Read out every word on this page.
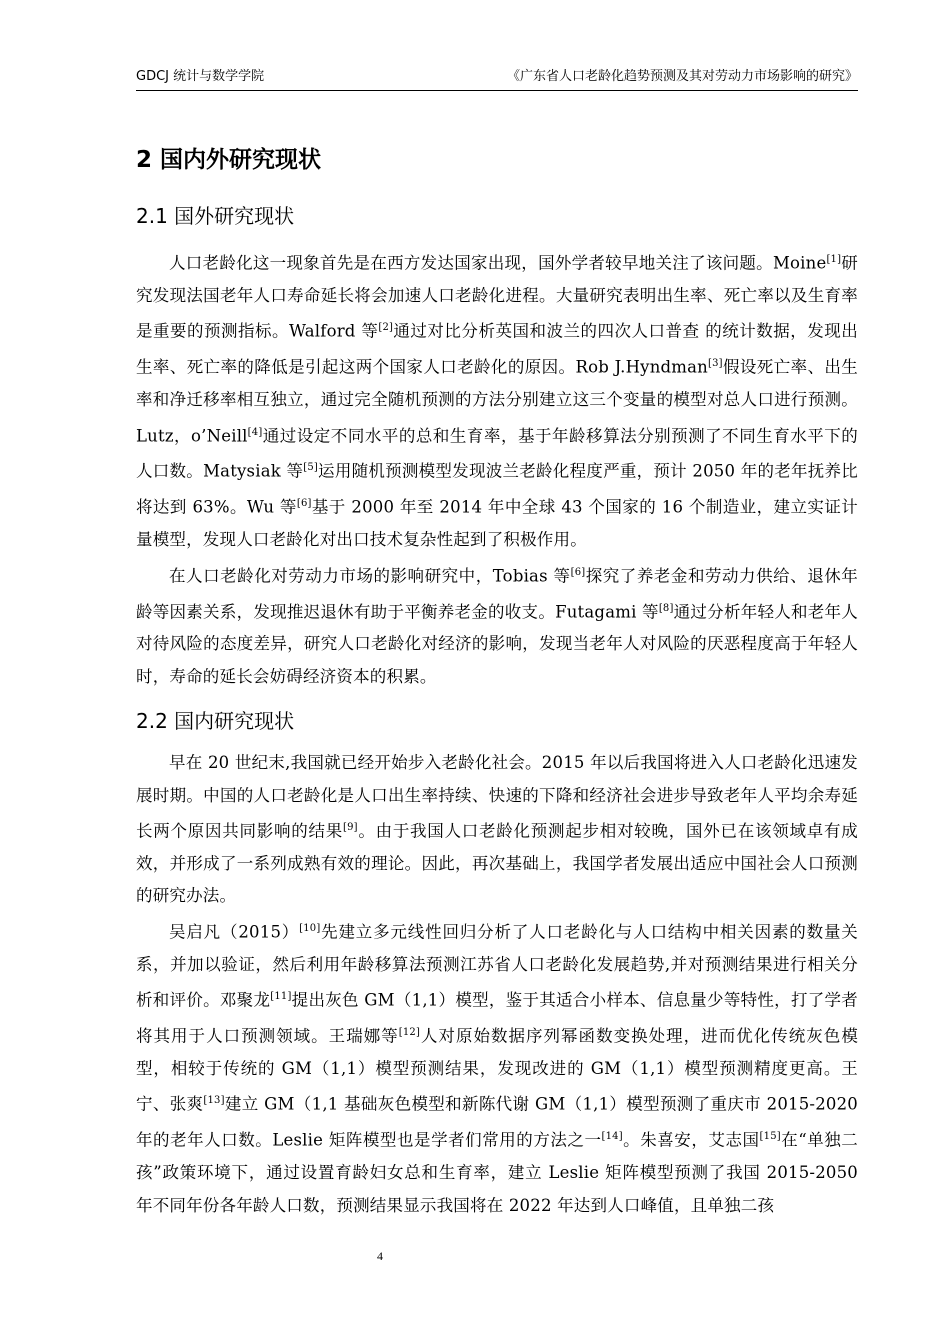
GDCJ 统计与数学学院	《广东省人口老龄化趋势预测及其对劳动力市场影响的研究》
2 国内外研究现状
2.1 国外研究现状

人口老龄化这一现象首先是在西方发达国家出现，国外学者较早地关注了该问题。Moine[1]研究发现法国老年人口寿命延长将会加速人口老龄化进程。大量研究表明出生率、死亡率以及生育率是重要的预测指标。Walford 等[2]通过对比分析英国和波兰的四次人口普查 的统计数据，发现出生率、死亡率的降低是引起这两个国家人口老龄化的原因。Rob J.Hyndman[3]假设死亡率、出生率和净迁移率相互独立，通过完全随机预测的方法分别建立这三个变量的模型对总人口进行预测。Lutz，o’Neill[4]通过设定不同水平的总和生育率，基于年龄移算法分别预测了不同生育水平下的人口数。Matysiak 等[5]运用随机预测模型发现波兰老龄化程度严重，预计 2050 年的老年抚养比将达到 63%。Wu 等[6]基于 2000 年至 2014 年中全球 43 个国家的 16 个制造业，建立实证计量模型，发现人口老龄化对出口技术复杂性起到了积极作用。

在人口老龄化对劳动力市场的影响研究中，Tobias 等[6]探究了养老金和劳动力供给、退休年龄等因素关系，发现推迟退休有助于平衡养老金的收支。Futagami 等[8]通过分析年轻人和老年人对待风险的态度差异，研究人口老龄化对经济的影响，发现当老年人对风险的厌恶程度高于年轻人时，寿命的延长会妨碍经济资本的积累。

2.2 国内研究现状

早在 20 世纪末,我国就已经开始步入老龄化社会。2015 年以后我国将进入人口老龄化迅速发展时期。中国的人口老龄化是人口出生率持续、快速的下降和经济社会进步导致老年人平均余寿延长两个原因共同影响的结果[9]。由于我国人口老龄化预测起步相对较晚，国外已在该领域卓有成效，并形成了一系列成熟有效的理论。因此，再次基础上，我国学者发展出适应中国社会人口预测的研究办法。

吴启凡（2015）[10]先建立多元线性回归分析了人口老龄化与人口结构中相关因素的数量关系，并加以验证，然后利用年龄移算法预测江苏省人口老龄化发展趋势,并对预测结果进行相关分析和评价。邓聚龙[11]提出灰色 GM（1,1）模型，鉴于其适合小样本、信息量少等特性，打了学者将其用于人口预测领域。王瑞娜等[12]人对原始数据序列幂函数变换处理，进而优化传统灰色模型，相较于传统的 GM（1,1）模型预测结果，发现改进的 GM（1,1）模型预测精度更高。王宁、张爽[13]建立 GM（1,1 基础灰色模型和新陈代谢 GM（1,1）模型预测了重庆市 2015-2020 年的老年人口数。Leslie 矩阵模型也是学者们常用的方法之一[14]。朱喜安，艾志国[15]在“单独二孩”政策环境下，通过设置育龄妇女总和生育率，建立 Leslie 矩阵模型预测了我国 2015-2050 年不同年份各年龄人口数，预测结果显示我国将在 2022 年达到人口峰值，且单独二孩

4
